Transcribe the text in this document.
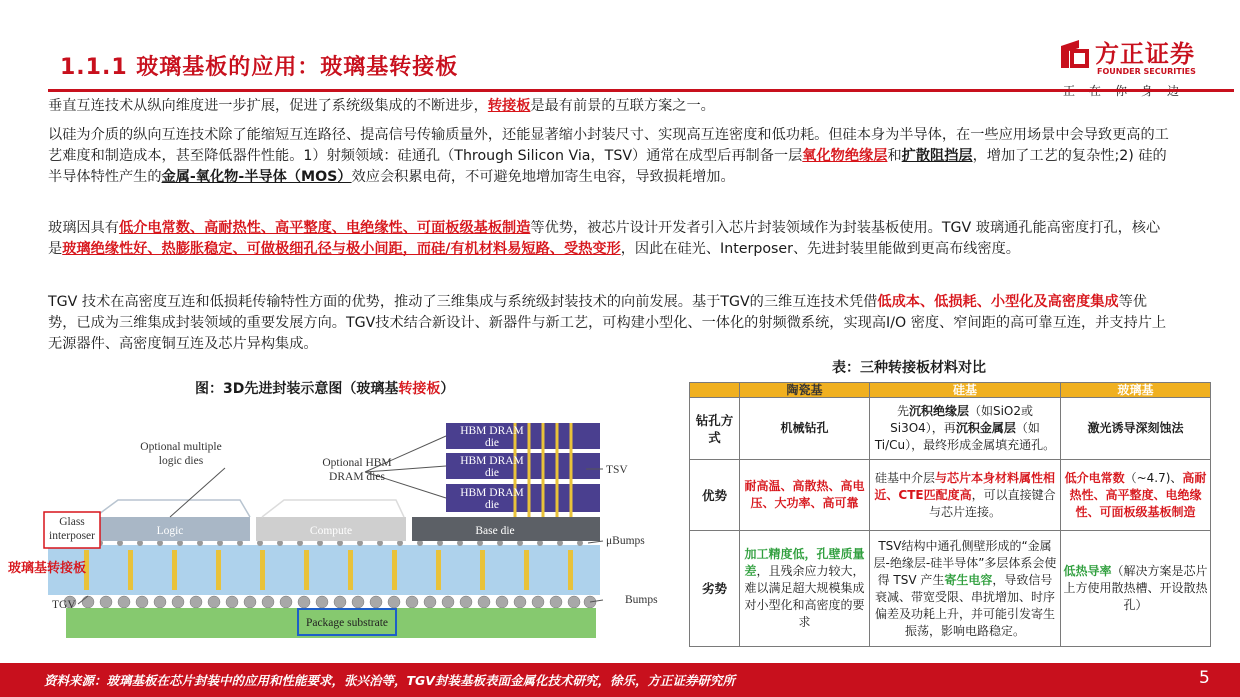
1.1.1 玻璃基板的应用：玻璃基转接板	方正证券
FOUNDER SECURITIES
垂直互连技术从纵向维度进一步扩展，促进了系统级集成的不断进步，转接板是最有前景的互联方案之一。
以硅为介质的纵向互连技术除了能缩短互连路径、提高信号传输质量外，还能显著缩小封装尺寸、实现高互连密度和低功耗。但硅本身为半导体，在一些应用场景中会导致更高的工艺难度和制造成本，甚至降低器件性能。1）射频领域：硅通孔（Through Silicon Via，TSV）通常在成型后再制备一层氧化物绝缘层和扩散阻挡层，增加了工艺的复杂性;2) 硅的半导体特性产生的金属-氧化物-半导体（MOS）效应会积累电荷，不可避免地增加寄生电容，导致损耗增加。
玻璃因具有低介电常数、高耐热性、高平整度、电绝缘性、可面板级基板制造等优势，被芯片设计开发者引入芯片封装领域作为封装基板使用。TGV 玻璃通孔能高密度打孔，核心是玻璃绝缘性好、热膨胀稳定、可做极细孔径与极小间距，而硅/有机材料易短路、受热变形，因此在硅光、Interposer、先进封装里能做到更高布线密度。
TGV 技术在高密度互连和低损耗传输特性方面的优势，推动了三维集成与系统级封装技术的向前发展。基于TGV的三维互连技术凭借低成本、低损耗、小型化及高密度集成等优势，已成为三维集成封装领域的重要发展方向。TGV技术结合新设计、新器件与新工艺，可构建小型化、一体化的射频微系统，实现高I/O 密度、窄间距的高可靠互连，并支持片上无源器件、高密度铜互连及芯片异构集成。
图：3D先进封装示意图（玻璃基转接板）
Optional multiple logic dies	Optional HBM DRAM dies
Logic	Compute	Base die
HBM DRAM die
HBM DRAM die
HBM DRAM die
TSV
μBumps
Bumps
TGV
Package substrate
Glass interposer
玻璃基转接板
表：三种转接板材料对比
	陶瓷基	硅基	玻璃基
钻孔方式	机械钻孔	先沉积绝缘层（如SiO2或Si3O4），再沉积金属层（如Ti/Cu），最终形成金属填充通孔。	激光诱导深刻蚀法
优势	耐高温、高散热、高电压、大功率、高可靠	硅基中介层与芯片本身材料属性相近、CTE匹配度高，可以直接键合与芯片连接。	低介电常数（~4.7)、高耐热性、高平整度、电绝缘性、可面板级基板制造
劣势	加工精度低，孔壁质量差，且残余应力较大，难以满足超大规模集成对小型化和高密度的要求	TSV结构中通孔侧壁形成的“金属层-绝缘层-硅半导体”多层体系会使得 TSV 产生寄生电容，导致信号衰减、带宽受限、串扰增加、时序偏差及功耗上升，并可能引发寄生振荡，影响电路稳定。	低热导率（解决方案是芯片上方使用散热槽、开设散热孔）
资料来源：玻璃基板在芯片封装中的应用和性能要求，张兴治等，TGV封装基板表面金属化技术研究，徐乐，方正证券研究所	5
